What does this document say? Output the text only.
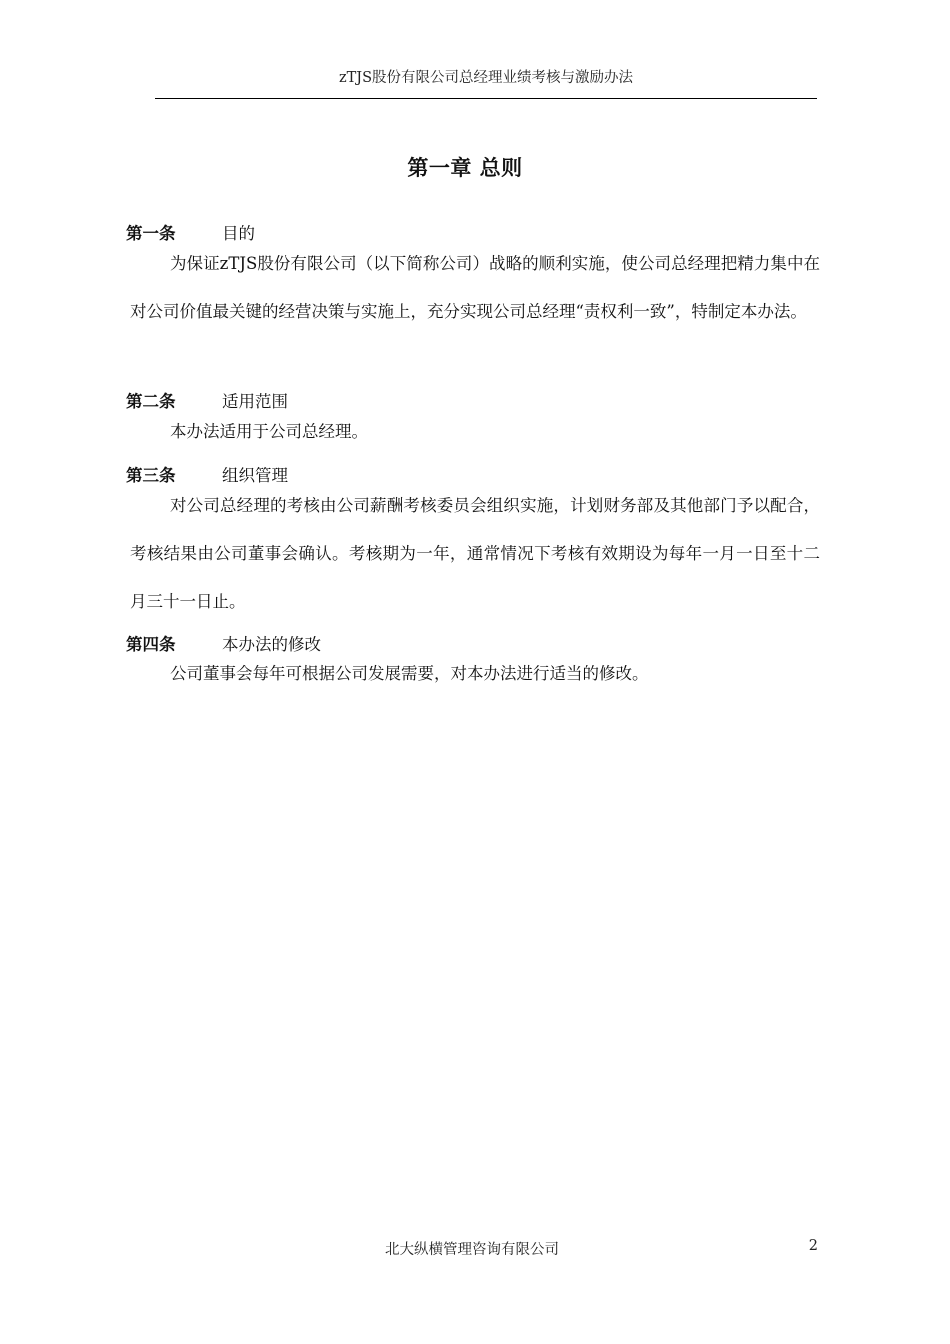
zTJS股份有限公司总经理业绩考核与激励办法
第一章 总则
第一条	目的

为保证zTJS股份有限公司（以下简称公司）战略的顺利实施，使公司总经理把精力集中在对公司价值最关键的经营决策与实施上，充分实现公司总经理“责权利一致”，特制定本办法。

第二条	适用范围

本办法适用于公司总经理。

第三条	组织管理

对公司总经理的考核由公司薪酬考核委员会组织实施，计划财务部及其他部门予以配合，考核结果由公司董事会确认。考核期为一年，通常情况下考核有效期设为每年一月一日至十二月三十一日止。

第四条	本办法的修改

公司董事会每年可根据公司发展需要，对本办法进行适当的修改。

北大纵横管理咨询有限公司	2
